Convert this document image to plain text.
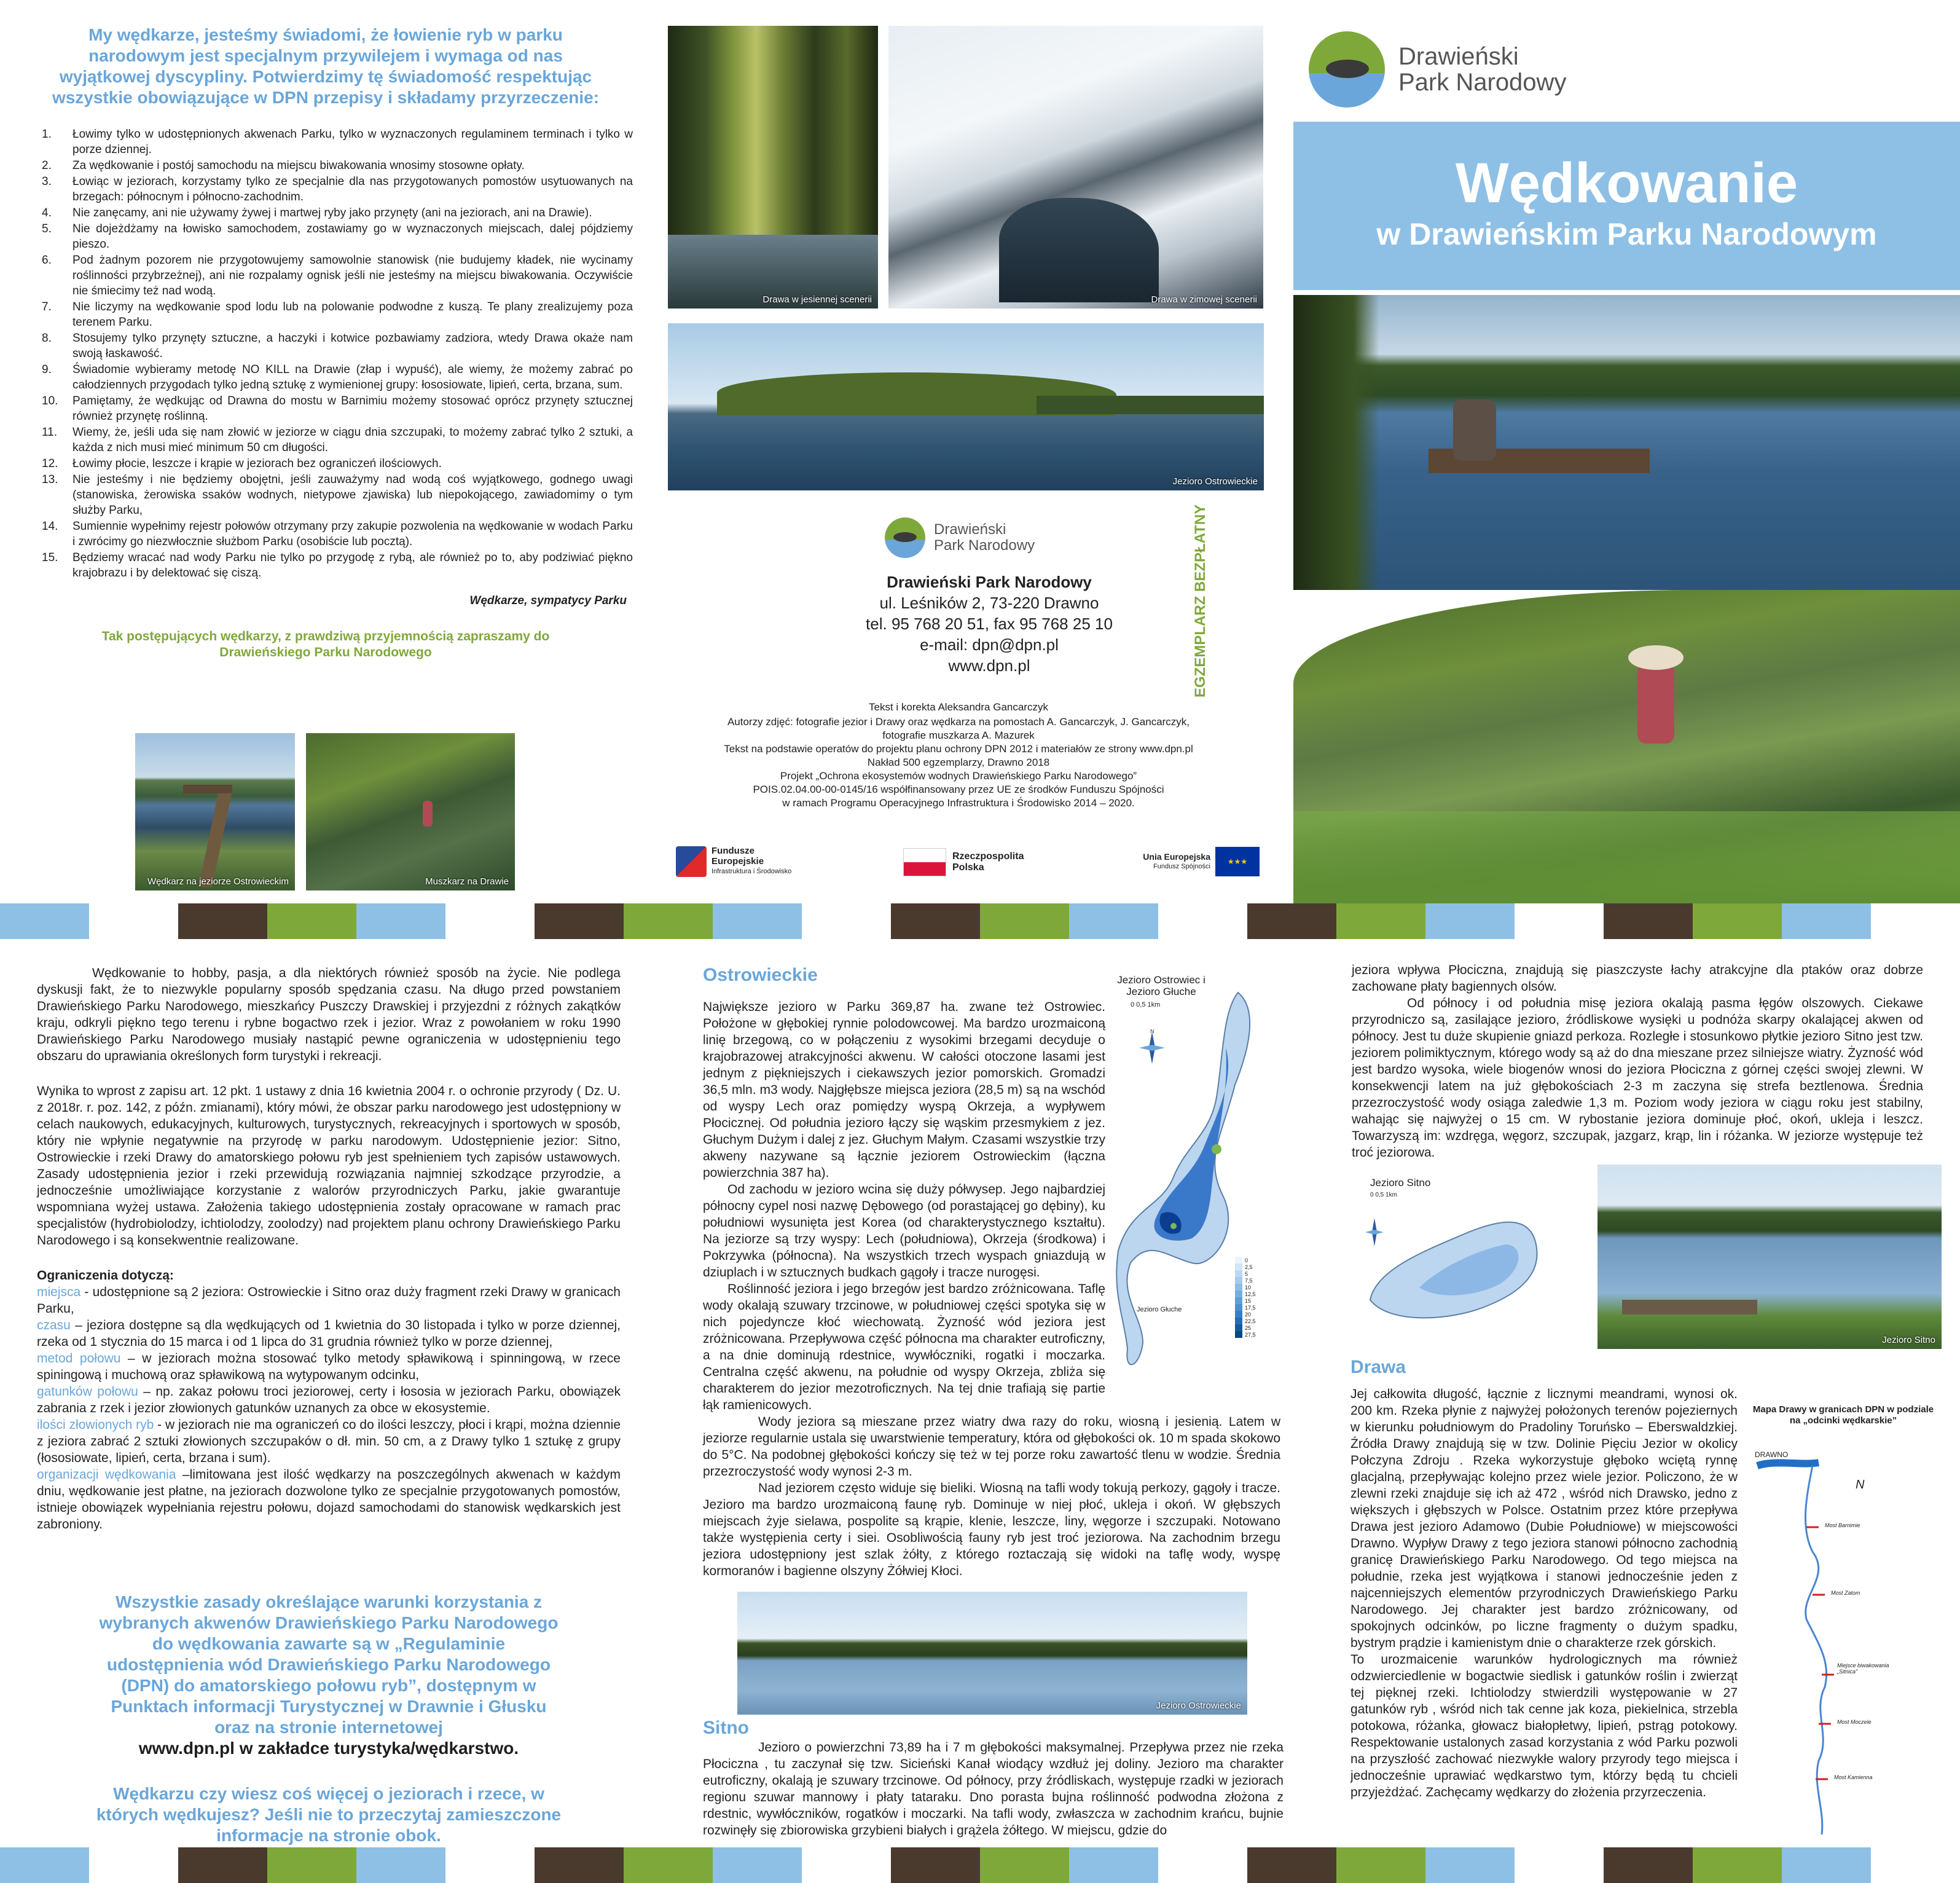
My wędkarze, jesteśmy świadomi, że łowienie ryb w parku narodowym jest specjalnym przywilejem i wymaga od nas wyjątkowej dyscypliny. Potwierdzimy tę świadomość respektując wszystkie obowiązujące w DPN przepisy i składamy przyrzeczenie:
1.	Łowimy tylko w udostępnionych akwenach Parku, tylko w wyznaczonych regulaminem terminach i tylko w porze dziennej.
2.	Za wędkowanie i postój samochodu na miejscu biwakowania wnosimy stosowne opłaty.
3.	Łowiąc w jeziorach, korzystamy tylko ze specjalnie dla nas przygotowanych pomostów usytuowanych na brzegach: północnym i północno-zachodnim.
4.	Nie zanęcamy, ani nie używamy żywej i martwej ryby jako przynęty (ani na jeziorach, ani na Drawie).
5.	Nie dojeżdżamy na łowisko samochodem, zostawiamy go w wyznaczonych miejscach, dalej pójdziemy pieszo.
6.	Pod żadnym pozorem nie przygotowujemy samowolnie stanowisk (nie budujemy kładek, nie wycinamy roślinności przybrzeżnej), ani nie rozpalamy ognisk jeśli nie jesteśmy na miejscu biwakowania. Oczywiście nie śmiecimy też nad wodą.
7.	Nie liczymy na wędkowanie spod lodu lub na polowanie podwodne z kuszą. Te plany zrealizujemy poza terenem Parku.
8.	Stosujemy tylko przynęty sztuczne, a haczyki i kotwice pozbawiamy zadziora, wtedy Drawa okaże nam swoją łaskawość.
9.	Świadomie wybieramy metodę NO KILL na Drawie (złap i wypuść), ale wiemy, że możemy zabrać po całodziennych przygodach tylko jedną sztukę z wymienionej grupy: łososiowate, lipień, certa, brzana, sum.
10.	Pamiętamy, że wędkując od Drawna do mostu w Barnimiu możemy stosować oprócz przynęty sztucznej również przynętę roślinną.
11.	Wiemy, że, jeśli uda się nam złowić w jeziorze w ciągu dnia szczupaki, to możemy zabrać tylko 2 sztuki, a każda z nich musi mieć minimum 50 cm długości.
12.	Łowimy płocie, leszcze i krąpie w jeziorach bez ograniczeń ilościowych.
13.	Nie jesteśmy i nie będziemy obojętni, jeśli zauważymy nad wodą coś wyjątkowego, godnego uwagi (stanowiska, żerowiska ssaków wodnych, nietypowe zjawiska) lub niepokojącego, zawiadomimy o tym służby Parku,
14.	Sumiennie wypełnimy rejestr połowów otrzymany przy zakupie pozwolenia na wędkowanie w wodach Parku i zwrócimy go niezwłocznie służbom Parku (osobiście lub pocztą).
15.	Będziemy wracać nad wody Parku nie tylko po przygodę z rybą, ale również po to, aby podziwiać piękno krajobrazu i by delektować się ciszą.
Wędkarze, sympatycy Parku
Tak postępujących wędkarzy, z prawdziwą przyjemnością zapraszamy do Drawieńskiego Parku Narodowego
Wędkarz na jeziorze Ostrowieckim	Muszkarz na Drawie
Drawa w jesiennej scenerii	Drawa w zimowej scenerii
Jezioro Ostrowieckie
Drawieński
Park Narodowy
Drawieński Park Narodowy
ul. Leśników 2, 73-220 Drawno
tel. 95 768 20 51, fax 95 768 25 10
e-mail: dpn@dpn.pl
www.dpn.pl	EGZEMPLARZ BEZPŁATNY
Tekst i korekta Aleksandra Gancarczyk
Autorzy zdjęć: fotografie jezior i Drawy oraz wędkarza na pomostach A. Gancarczyk, J. Gancarczyk,
fotografie muszkarza A. Mazurek
Tekst na podstawie operatów do projektu planu ochrony DPN 2012 i materiałów ze strony www.dpn.pl
Nakład 500 egzemplarzy, Drawno 2018
Projekt „Ochrona ekosystemów wodnych Drawieńskiego Parku Narodowego”
POIS.02.04.00-00-0145/16 współfinansowany przez UE ze środków Funduszu Spójności
w ramach Programu Operacyjnego Infrastruktura i Środowisko 2014 – 2020.
Fundusze Europejskie
Infrastruktura i Środowisko
Rzeczpospolita Polska
Unia Europejska
Fundusz Spójności
★★★
Drawieński
Park Narodowy
Wędkowanie
w Drawieńskim Parku Narodowym

Wędkowanie to hobby, pasja, a dla niektórych również sposób na życie. Nie podlega dyskusji fakt, że to niezwykle popularny sposób spędzania czasu. Na długo przed powstaniem Drawieńskiego Parku Narodowego, mieszkańcy Puszczy Drawskiej i przyjezdni z różnych zakątków kraju, odkryli piękno tego terenu i rybne bogactwo rzek i jezior. Wraz z powołaniem w roku 1990 Drawieńskiego Parku Narodowego musiały nastąpić pewne ograniczenia w udostępnieniu tego obszaru do uprawiania określonych form turystyki i rekreacji.

Wynika to wprost z zapisu art. 12 pkt. 1 ustawy z dnia 16 kwietnia 2004 r. o ochronie przyrody ( Dz. U. z 2018r. r. poz. 142, z późn. zmianami), który mówi, że obszar parku narodowego jest udostępniony w celach naukowych, edukacyjnych, kulturowych, turystycznych, rekreacyjnych i sportowych w sposób, który nie wpłynie negatywnie na przyrodę w parku narodowym. Udostępnienie jezior: Sitno, Ostrowieckie i rzeki Drawy do amatorskiego połowu ryb jest spełnieniem tych zapisów ustawowych. Zasady udostępnienia jezior i rzeki przewidują rozwiązania najmniej szkodzące przyrodzie, a jednocześnie umożliwiające korzystanie z walorów przyrodniczych Parku, jakie gwarantuje wspomniana wyżej ustawa. Założenia takiego udostępnienia zostały opracowane w ramach prac specjalistów (hydrobiolodzy, ichtiolodzy, zoolodzy) nad projektem planu ochrony Drawieńskiego Parku Narodowego i są konsekwentnie realizowane.

Ograniczenia dotyczą:

miejsca - udostępnione są 2 jeziora: Ostrowieckie i Sitno oraz duży fragment rzeki Drawy w granicach Parku,

czasu – jeziora dostępne są dla wędkujących od 1 kwietnia do 30 listopada i tylko w porze dziennej, rzeka od 1 stycznia do 15 marca i od 1 lipca do 31 grudnia również tylko w porze dziennej,

metod połowu – w jeziorach można stosować tylko metody spławikową i spinningową, w rzece spiningową i muchową oraz spławikową na wytypowanym odcinku,

gatunków połowu – np. zakaz połowu troci jeziorowej, certy i łososia w jeziorach Parku, obowiązek zabrania z rzek i jezior złowionych gatunków uznanych za obce w ekosystemie.

ilości złowionych ryb - w jeziorach nie ma ograniczeń co do ilości leszczy, płoci i krąpi, można dziennie z jeziora zabrać 2 sztuki złowionych szczupaków o dł. min. 50 cm, a z Drawy tylko 1 sztukę z grupy (łososiowate, lipień, certa, brzana i sum).

organizacji wędkowania –limitowana jest ilość wędkarzy na poszczególnych akwenach w każdym dniu, wędkowanie jest płatne, na jeziorach dozwolone tylko ze specjalnie przygotowanych pomostów, istnieje obowiązek wypełniania rejestru połowu, dojazd samochodami do stanowisk wędkarskich jest zabroniony.

Wszystkie zasady określające warunki korzystania z wybranych akwenów Drawieńskiego Parku Narodowego do wędkowania zawarte są w „Regulaminie udostępnienia wód Drawieńskiego Parku Narodowego (DPN) do amatorskiego połowu ryb”, dostępnym w Punktach informacji Turystycznej w Drawnie i Głusku oraz na stronie internetowej
www.dpn.pl w zakładce turystyka/wędkarstwo.
Wędkarzu czy wiesz coś więcej o jeziorach i rzece, w których wędkujesz? Jeśli nie to przeczytaj zamieszczone informacje na stronie obok.
Ostrowieckie

Największe jezioro w Parku 369,87 ha. zwane też Ostrowiec. Położone w głębokiej rynnie polodowcowej. Ma bardzo urozmaiconą linię brzegową, co w połączeniu z wysokimi brzegami decyduje o krajobrazowej atrakcyjności akwenu. W całości otoczone lasami jest jednym z piękniejszych i ciekawszych jezior pomorskich. Gromadzi 36,5 mln. m3 wody. Najgłębsze miejsca jeziora (28,5 m) są na wschód od wyspy Lech oraz pomiędzy wyspą Okrzeja, a wypływem Płociczneį. Od południa jezioro łączy się wąskim przesmykiem z jez. Głuchym Dużym i dalej z jez. Głuchym Małym. Czasami wszystkie trzy akweny nazywane są łącznie jeziorem Ostrowieckim (łączna powierzchnia 387 ha).

Od zachodu w jezioro wcina się duży półwysep. Jego najbardziej północny cypel nosi nazwę Dębowego (od porastającej go dębiny), ku południowi wysunięta jest Korea (od charakterystycznego kształtu). Na jeziorze są trzy wyspy: Lech (południowa), Okrzeja (środkowa) i Pokrzywka (północna). Na wszystkich trzech wyspach gniazdują w dziuplach i w sztucznych budkach gągoły i tracze nurogęsi.

Roślinność jeziora i jego brzegów jest bardzo zróżnicowana. Taflę wody okalają szuwary trzcinowe, w południowej części spotyka się w nich pojedyncze kłoć wiechowatą. Żyzność wód jeziora jest zróżnicowana. Przepływowa część północna ma charakter eutroficzny, a na dnie dominują rdestnice, wywłóczniki, rogatki i moczarka. Centralna część akwenu, na południe od wyspy Okrzeja, zbliża się charakterem do jezior mezotroficznych. Na tej dnie trafiają się partie łąk ramienicowych.

Jezioro Ostrowiec i Jezioro Głuche
0 0,5 1km
N
0
2,5
5
7,5
10
12,5
15
17,5
20
22,5
25
27,5
Jezioro Głuche

Wody jeziora są mieszane przez wiatry dwa razy do roku, wiosną i jesienią. Latem w jeziorze regularnie ustala się uwarstwienie temperatury, która od głębokości ok. 10 m spada skokowo do 5°C. Na podobnej głębokości kończy się też w tej porze roku zawartość tlenu w wodzie. Średnia przezroczystość wody wynosi 2-3 m.

Nad jeziorem często widuje się bieliki. Wiosną na tafli wody tokują perkozy, gągoły i tracze. Jezioro ma bardzo urozmaiconą faunę ryb. Dominuje w niej płoć, ukleja i okoń. W głębszych miejscach żyje sielawa, pospolite są krąpie, klenie, leszcze, liny, węgorze i szczupaki. Notowano także występienia certy i siei. Osobliwością fauny ryb jest troć jeziorowa. Na zachodnim brzegu jeziora udostępniony jest szlak żółty, z którego roztaczają się widoki na taflę wody, wyspę kormoranów i bagienne olszyny Żółwiej Kłoci.

Jezioro Ostrowieckie
Sitno

Jezioro o powierzchni 73,89 ha i 7 m głębokości maksymalnej. Przepływa przez nie rzeka Płociczna , tu zaczynał się tzw. Sicieński Kanał wiodący wzdłuż jej doliny. Jezioro ma charakter eutroficzny, okalają je szuwary trzcinowe. Od północy, przy źródliskach, występuje rzadki w jeziorach regionu szuwar mannowy i płaty tataraku. Dno porasta bujna roślinność podwodna złożona z rdestnic, wywłóczników, rogatków i moczarki. Na tafli wody, zwłaszcza w zachodnim krańcu, bujnie rozwinęły się zbiorowiska grzybieni białych i grążela żółtego. W miejscu, gdzie do

jeziora wpływa Płociczna, znajdują się piaszczyste łachy atrakcyjne dla ptaków oraz dobrze zachowane płaty bagiennych olsów.

Od północy i od południa misę jeziora okalają pasma łęgów olszowych. Ciekawe przyrodniczo są, zasilające jezioro, źródliskowe wysięki u podnóża skarpy okalającej akwen od północy. Jest tu duże skupienie gniazd perkoza. Rozległe i stosunkowo płytkie jezioro Sitno jest tzw. jeziorem polimiktycznym, którego wody są aż do dna mieszane przez silniejsze wiatry. Żyzność wód jest bardzo wysoka, wiele biogenów wnosi do jeziora Płociczna z górnej części swojej zlewni. W konsekwencji latem na już głębokościach 2-3 m zaczyna się strefa beztlenowa. Średnia przezroczystość wody osiąga zaledwie 1,3 m. Poziom wody jeziora w ciągu roku jest stabilny, wahając się najwyżej o 15 cm. W rybostanie jeziora dominuje płoć, okoń, ukleja i leszcz. Towarzyszą im: wzdręga, węgorz, szczupak, jazgarz, krąp, lin i różanka. W jeziorze występuje też troć jeziorowa.

Jezioro Sitno
0 0,5 1km
Jezioro Sitno
Drawa

Jej całkowita długość, łącznie z licznymi meandrami, wynosi ok. 200 km. Rzeka płynie z najwyżej położonych terenów pojeziernych w kierunku południowym do Pradoliny Toruńsko – Eberswaldzkiej. Źródła Drawy znajdują się w tzw. Dolinie Pięciu Jezior w okolicy Połczyna Zdroju . Rzeka wykorzystuje głęboko wciętą rynnę glacjalną, przepływając kolejno przez wiele jezior. Policzono, że w zlewni rzeki znajduje się ich aż 472 , wśród nich Drawsko, jedno z większych i głębszych w Polsce. Ostatnim przez które przepływa Drawa jest jezioro Adamowo (Dubie Południowe) w miejscowości Drawno. Wypływ Drawy z tego jeziora stanowi północno zachodnią granicę Drawieńskiego Parku Narodowego. Od tego miejsca na południe, rzeka jest wyjątkowa i stanowi jednocześnie jeden z najcenniejszych elementów przyrodniczych Drawieńskiego Parku Narodowego. Jej charakter jest bardzo zróżnicowany, od spokojnych odcinków, po liczne fragmenty o dużym spadku, bystrym prądzie i kamienistym dnie o charakterze rzek górskich.

To urozmaicenie warunków hydrologicznych ma również odzwierciedlenie w bogactwie siedlisk i gatunków roślin i zwierząt tej pięknej rzeki. Ichtiolodzy stwierdzili występowanie w 27 gatunków ryb , wśród nich tak cenne jak koza, piekielnica, strzebla potokowa, różanka, głowacz białopłetwy, lipień, pstrąg potokowy. Respektowanie ustalonych zasad korzystania z wód Parku pozwoli na przyszłość zachować niezwykłe walory przyrody tego miejsca i jednocześnie uprawiać wędkarstwo tym, którzy będą tu chcieli przyjeżdżać. Zachęcamy wędkarzy do złożenia przyrzeczenia.

Mapa Drawy w granicach DPN w podziale na „odcinki wędkarskie”
DRAWNO
N
Most Barnimie
Most Zatom
Miejsce biwakowania „Sitnica”
Most Moczele
Most Kamienna
